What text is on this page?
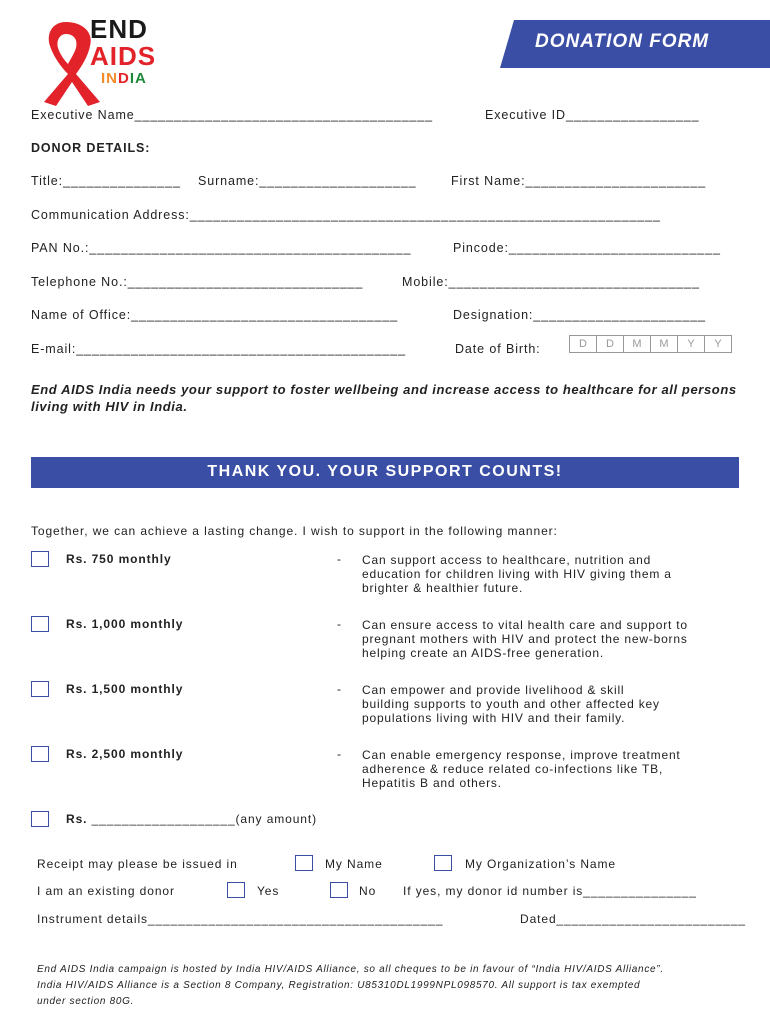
END
AIDS
INDIA
DONATION FORM
Executive Name______________________________________	Executive ID_________________
DONOR DETAILS:
Title:_______________ Surname:____________________	First Name:_______________________
Communication Address:____________________________________________________________
PAN No.:_________________________________________	Pincode:___________________________
Telephone No.:______________________________	Mobile:________________________________
Name of Office:__________________________________	Designation:______________________
E-mail:__________________________________________	Date of Birth:	D	D	M	M	Y	Y
End AIDS India needs your support to foster wellbeing and increase access to healthcare for all persons living with HIV in India.
THANK YOU. YOUR SUPPORT COUNTS!
Together, we can achieve a lasting change. I wish to support in the following manner:
Rs. 750 monthly	- Can support access to healthcare, nutrition and
education for children living with HIV giving them a
brighter & healthier future.
Rs. 1,000 monthly	- Can ensure access to vital health care and support to
pregnant mothers with HIV and protect the new-borns
helping create an AIDS-free generation.
Rs. 1,500 monthly	- Can empower and provide livelihood & skill
building supports to youth and other affected key
populations living with HIV and their family.
Rs. 2,500 monthly	- Can enable emergency response, improve treatment
adherence & reduce related co-infections like TB,
Hepatitis B and others.
Rs. ___________________(any amount)
Receipt may please be issued in	My Name	My Organization’s Name
I am an existing donor	Yes	No If yes, my donor id number is_______________
Instrument details_______________________________________	Dated_________________________
End AIDS India campaign is hosted by India HIV/AIDS Alliance, so all cheques to be in favour of “India HIV/AIDS Alliance”.
India HIV/AIDS Alliance is a Section 8 Company, Registration: U85310DL1999NPL098570. All support is tax exempted
under section 80G.
